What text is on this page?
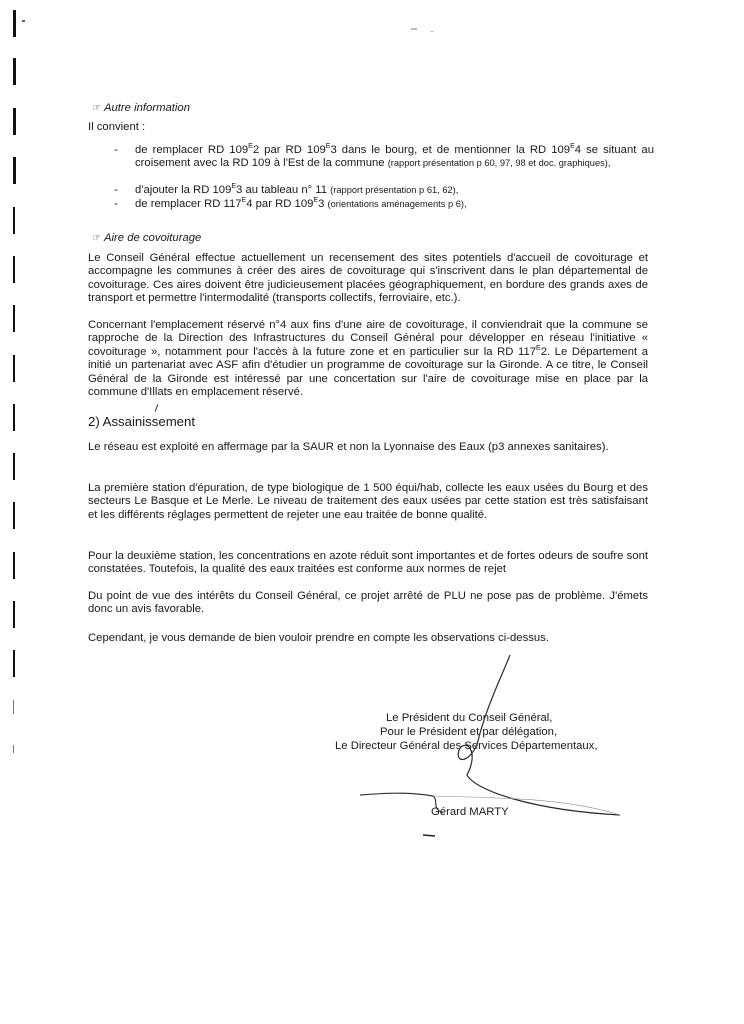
☞ Autre information
Il convient :
- de remplacer RD $109^E2$ par RD $109^E3$ dans le bourg, et de mentionner la RD $109^E4$ se situant au croisement avec la RD 109 à l'Est de la commune (rapport présentation p 60, 97, 98 et doc. graphiques),
- d'ajouter la RD $109^E3$ au tableau n° 11 (rapport présentation p 61, 62),
- de remplacer RD $117^E4$ par RD $109^E3$ (orientations aménagements p 6),
☞ Aire de covoiturage
Le Conseil Général effectue actuellement un recensement des sites potentiels d'accueil de covoiturage et accompagne les communes à créer des aires de covoiturage qui s'inscrivent dans le plan départemental de covoiturage. Ces aires doivent être judicieusement placées géographiquement, en bordure des grands axes de transport et permettre l'intermodalité (transports collectifs, ferroviaire, etc.).
Concernant l'emplacement réservé n°4 aux fins d'une aire de covoiturage, il conviendrait que la commune se rapproche de la Direction des Infrastructures du Conseil Général pour développer en réseau l'initiative « covoiturage », notamment pour l'accès à la future zone et en particulier sur la RD $117^E2$. Le Département a initié un partenariat avec ASF afin d'étudier un programme de covoiturage sur la Gironde. A ce titre, le Conseil Général de la Gironde est intéressé par une concertation sur l'aire de covoiturage mise en place par la commune d'Illats en emplacement réservé.
2) Assainissement
Le réseau est exploité en affermage par la SAUR et non la Lyonnaise des Eaux (p3 annexes sanitaires).
La première station d'épuration, de type biologique de 1 500 équi/hab, collecte les eaux usées du Bourg et des secteurs Le Basque et Le Merle. Le niveau de traitement des eaux usées par cette station est très satisfaisant et les différents réglages permettent de rejeter une eau traitée de bonne qualité.
Pour la deuxième station, les concentrations en azote réduit sont importantes et de fortes odeurs de soufre sont constatées. Toutefois, la qualité des eaux traitées est conforme aux normes de rejet
Du point de vue des intérêts du Conseil Général, ce projet arrêté de PLU ne pose pas de problème. J'émets donc un avis favorable.
Cependant, je vous demande de bien vouloir prendre en compte les observations ci-dessus.
Le Président du Conseil Général,
Pour le Président et par délégation,
Le Directeur Général des Services Départementaux,
Gérard MARTY
